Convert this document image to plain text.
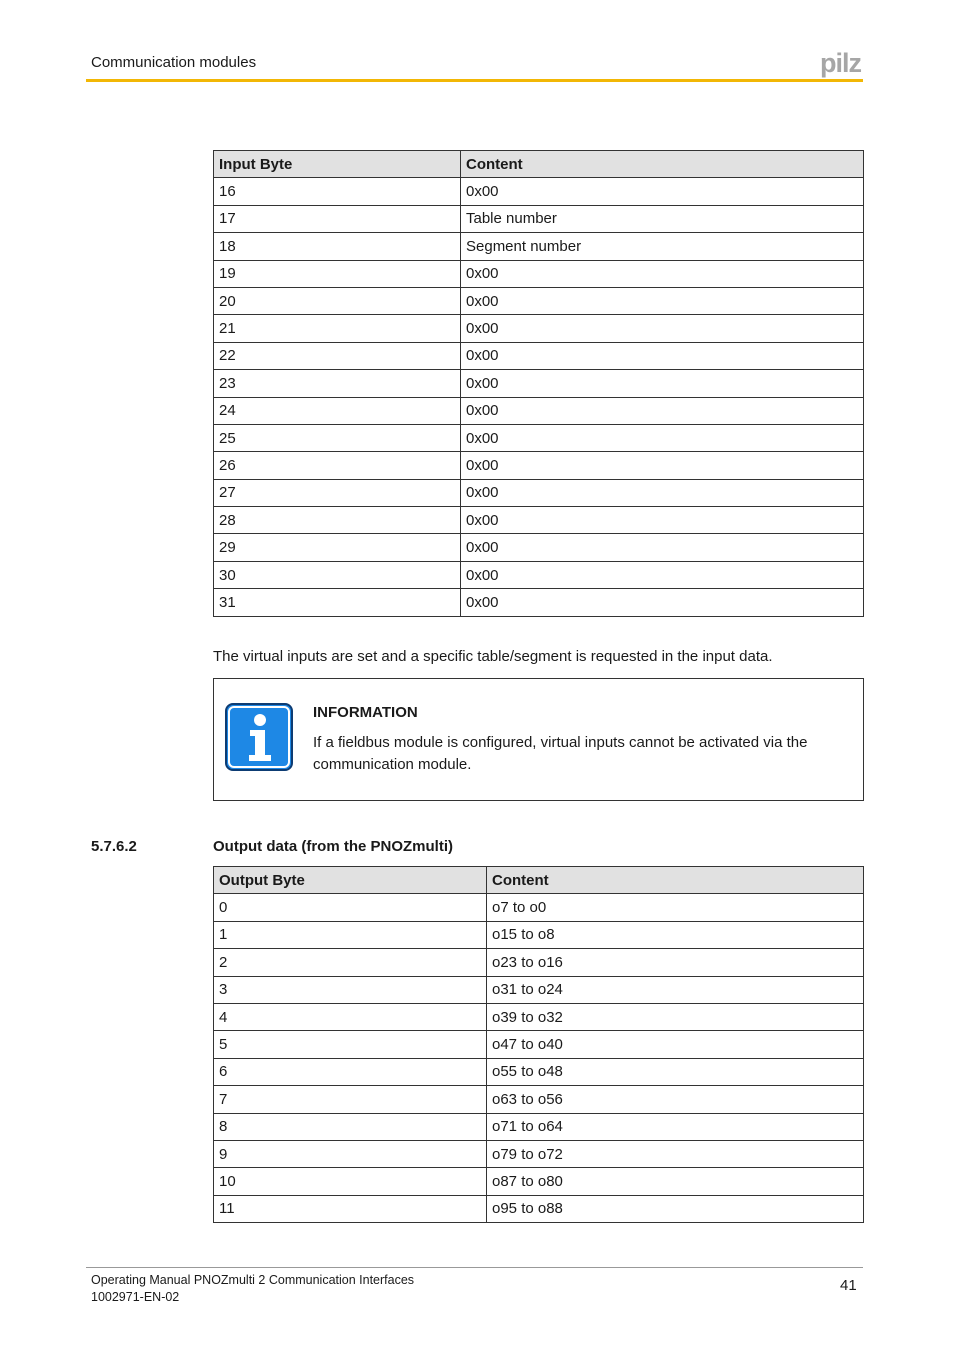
Communication modules	pilz
Input Byte	Content
16	0x00
17	Table number
18	Segment number
19	0x00
20	0x00
21	0x00
22	0x00
23	0x00
24	0x00
25	0x00
26	0x00
27	0x00
28	0x00
29	0x00
30	0x00
31	0x00
The virtual inputs are set and a specific table/segment is requested in the input data.
INFORMATION
If a fieldbus module is configured, virtual inputs cannot be activated via the communication module.
5.7.6.2	Output data (from the PNOZmulti)
Output Byte	Content
0	o7 to o0
1	o15 to o8
2	o23 to o16
3	o31 to o24
4	o39 to o32
5	o47 to o40
6	o55 to o48
7	o63 to o56
8	o71 to o64
9	o79 to o72
10	o87 to o80
11	o95 to o88
Operating Manual PNOZmulti 2 Communication Interfaces
1002971-EN-02
41
